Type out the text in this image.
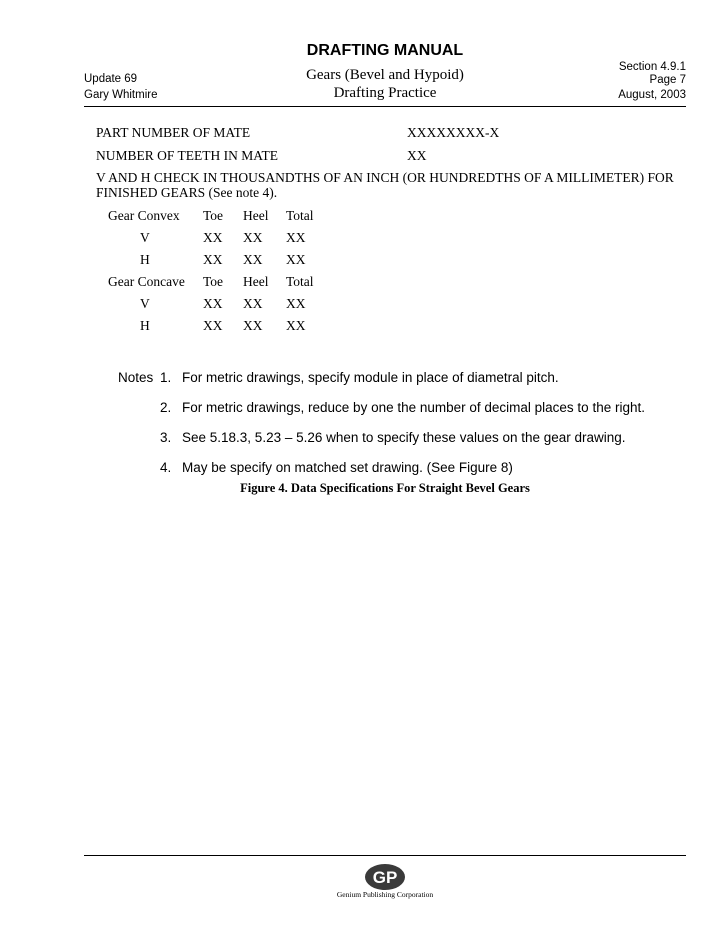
DRAFTING MANUAL
Gears (Bevel and Hypoid)
Drafting Practice
Update 69
Gary Whitmire
Section 4.9.1
Page 7
August, 2003
PART NUMBER OF MATE	XXXXXXXX-X
NUMBER OF TEETH IN MATE	XX
V AND H CHECK IN THOUSANDTHS OF AN INCH (OR HUNDREDTHS OF A MILLIMETER) FOR
FINISHED GEARS (See note 4).
Gear Convex	Toe	Heel	Total
V	XX	XX	XX
H	XX	XX	XX
Gear Concave	Toe	Heel	Total
V	XX	XX	XX
H	XX	XX	XX
Notes 1. For metric drawings, specify module in place of diametral pitch.
2. For metric drawings, reduce by one the number of decimal places to the right.
3. See 5.18.3, 5.23 – 5.26 when to specify these values on the gear drawing.
4. May be specify on matched set drawing. (See Figure 8)
Figure 4. Data Specifications For Straight Bevel Gears
GP
Genium Publishing Corporation
